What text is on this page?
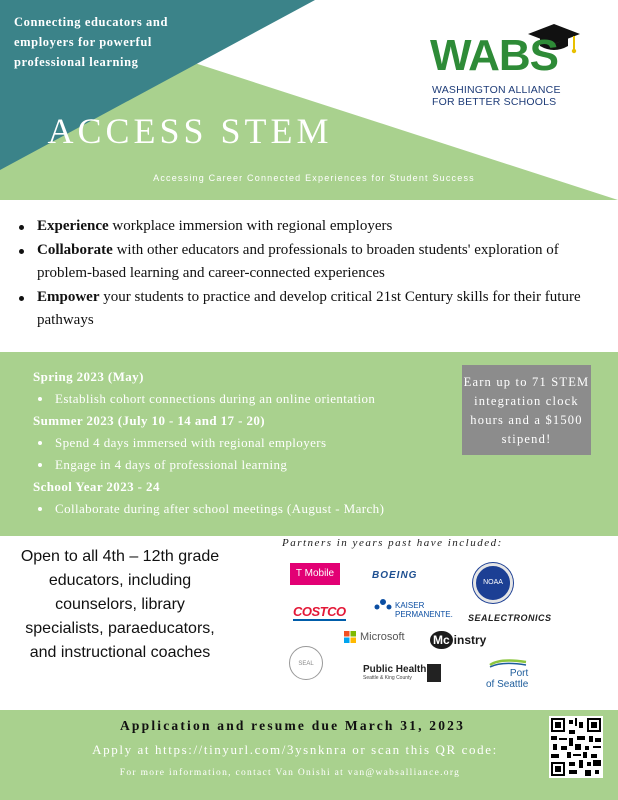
Connecting educators and employers for powerful professional learning	WABS
WASHINGTON ALLIANCE
FOR BETTER SCHOOLS
ACCESS STEM
Accessing Career Connected Experiences for Student Success
Experience workplace immersion with regional employers
Collaborate with other educators and professionals to broaden students' exploration of problem-based learning and career-connected experiences
Empower your students to practice and develop critical 21st Century skills for their future pathways
Spring 2023 (May)
Establish cohort connections during an online orientation
Summer 2023 (July 10 - 14 and 17 - 20)
Spend 4 days immersed with regional employers
Engage in 4 days of professional learning
School Year 2023 - 24
Collaborate during after school meetings (August - March)
Earn up to 71 STEM integration clock hours and a $1500 stipend!
Open to all 4th – 12th grade educators, including counselors, library specialists, paraeducators, and instructional coaches
Partners in years past have included:
T Mobile	BOEING
NOAA
COSTCO	KAISER
PERMANENTE. SEALECTRONICS
Microsoft Mc instry
SEAL	Public Health
Seattle & King County	Port
of Seattle
Application and resume due March 31, 2023
Apply at https://tinyurl.com/3ysnknra or scan this QR code:
For more information, contact Van Onishi at van@wabsalliance.org
